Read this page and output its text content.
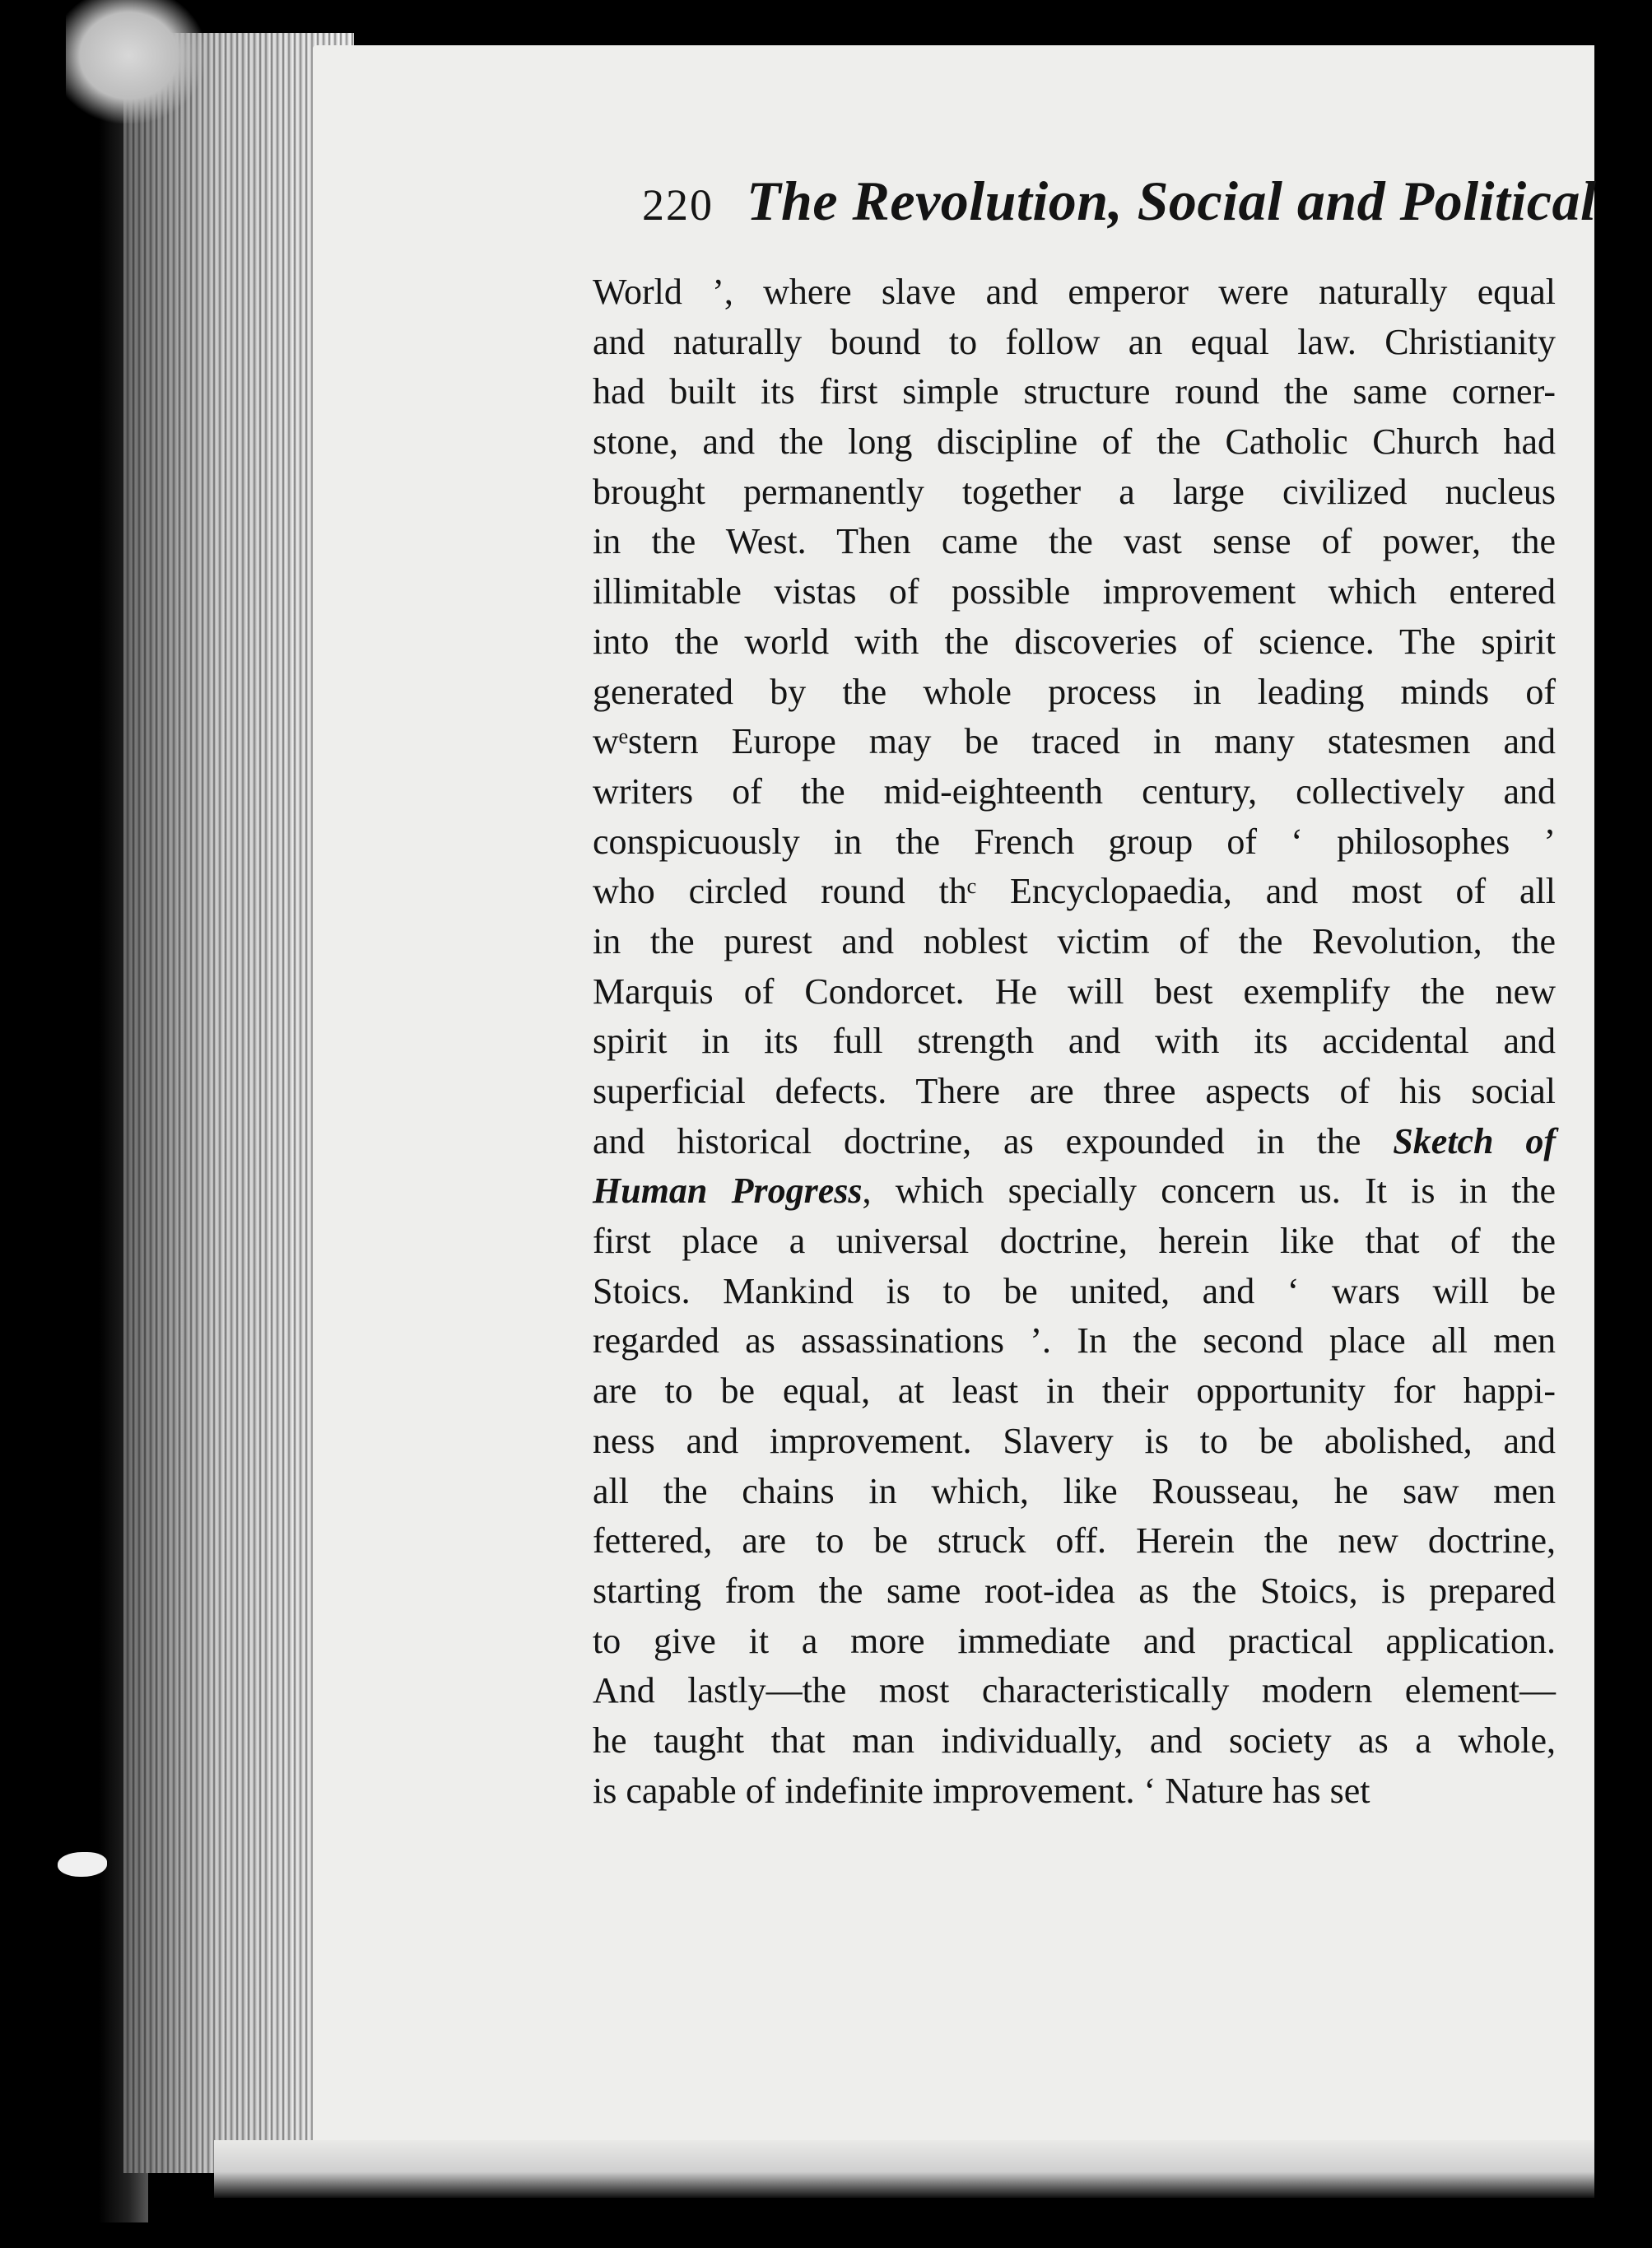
220 The Revolution, Social and Political
World ’, where slave and emperor were naturally equal
and naturally bound to follow an equal law. Christianity
had built its first simple structure round the same corner-
stone, and the long discipline of the Catholic Church had
brought permanently together a large civilized nucleus
in the West. Then came the vast sense of power, the
illimitable vistas of possible improvement which entered
into the world with the discoveries of science. The spirit
generated by the whole process in leading minds of
wᵉstern Europe may be traced in many statesmen and
writers of the mid-eighteenth century, collectively and
conspicuously in the French group of ‘ philosophes ’
who circled round thᶜ Encyclopaedia, and most of all
in the purest and noblest victim of the Revolution, the
Marquis of Condorcet. He will best exemplify the new
spirit in its full strength and with its accidental and
superficial defects. There are three aspects of his social
and historical doctrine, as expounded in the Sketch of
Human Progress, which specially concern us. It is in the
first place a universal doctrine, herein like that of the
Stoics. Mankind is to be united, and ‘ wars will be
regarded as assassinations ’. In the second place all men
are to be equal, at least in their opportunity for happi-
ness and improvement. Slavery is to be abolished, and
all the chains in which, like Rousseau, he saw men
fettered, are to be struck off. Herein the new doctrine,
starting from the same root-idea as the Stoics, is prepared
to give it a more immediate and practical application.
And lastly—the most characteristically modern element—
he taught that man individually, and society as a whole,
is capable of indefinite improvement. ‘ Nature has set
